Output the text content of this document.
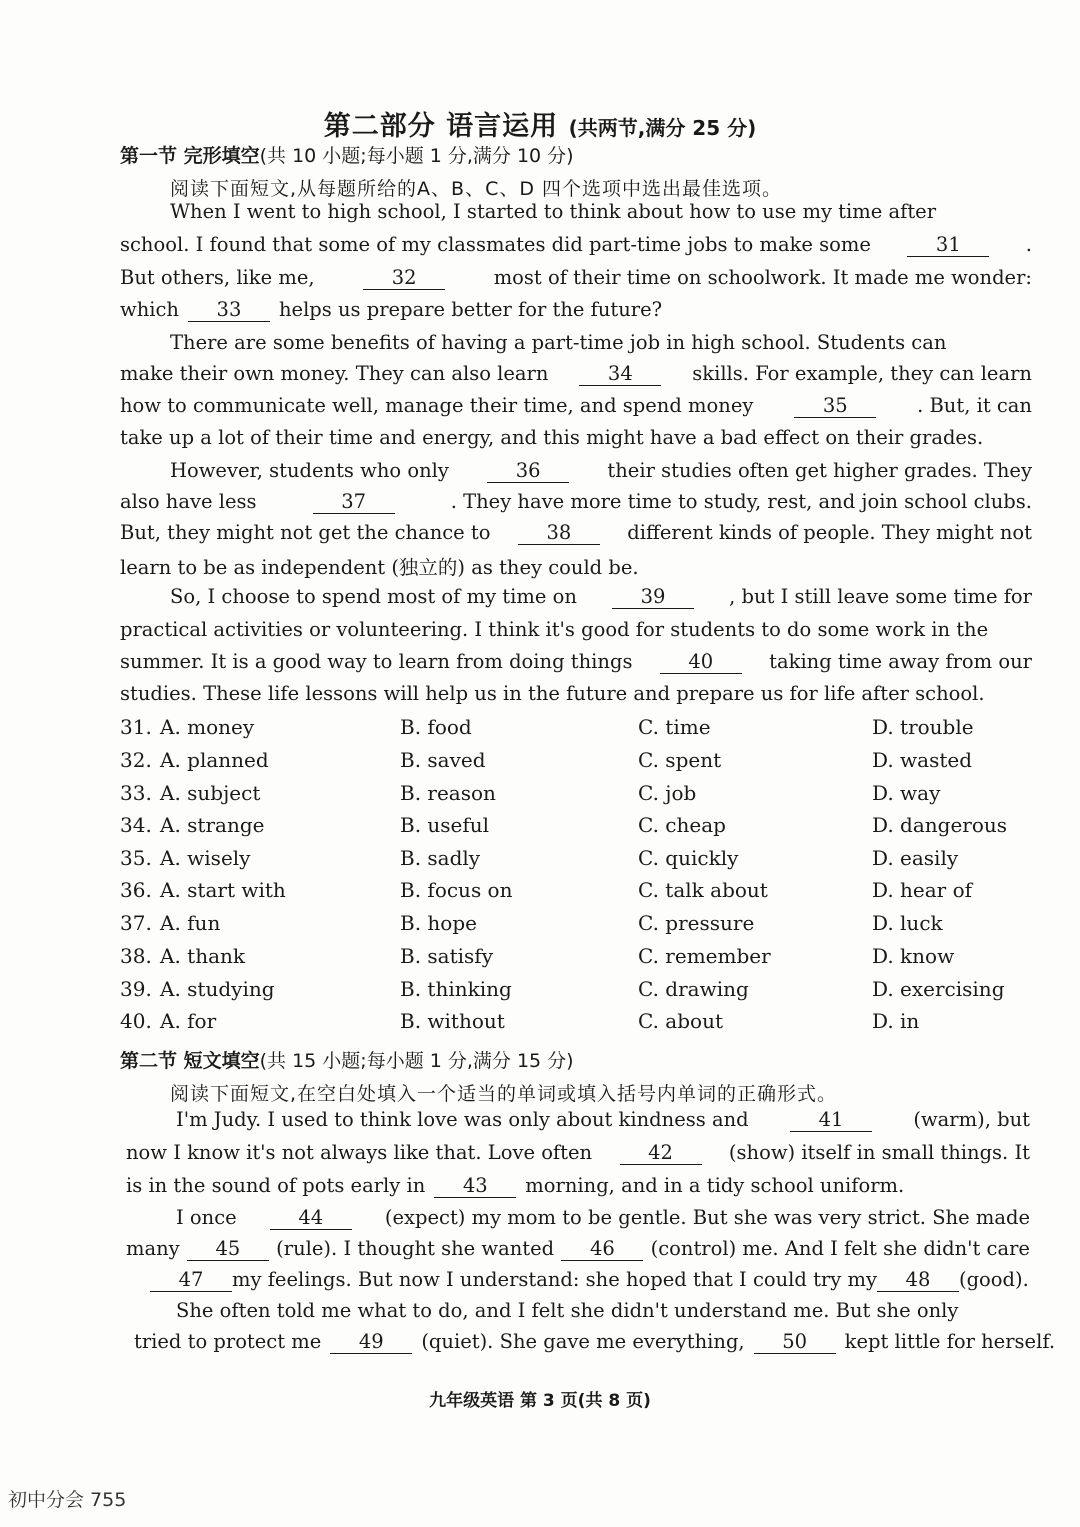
第二部分 语言运用 (共两节,满分 25 分)
第一节 完形填空(共 10 小题;每小题 1 分,满分 10 分)
阅读下面短文,从每题所给的A、B、C、D 四个选项中选出最佳选项。
When I went to high school, I started to think about how to use my time after
school. I found that some of my classmates did part-time jobs to make some	31	.
But others, like me,	32	most of their time on schoolwork. It made me wonder:
which	33	helps us prepare better for the future?
There are some benefits of having a part-time job in high school. Students can
make their own money. They can also learn	34	skills. For example, they can learn
how to communicate well, manage their time, and spend money	35	. But, it can
take up a lot of their time and energy, and this might have a bad effect on their grades.
However, students who only	36	their studies often get higher grades. They
also have less	37	. They have more time to study, rest, and join school clubs.
But, they might not get the chance to	38	different kinds of people. They might not
learn to be as independent (独立的) as they could be.
So, I choose to spend most of my time on	39	, but I still leave some time for
practical activities or volunteering. I think it's good for students to do some work in the
summer. It is a good way to learn from doing things	40	taking time away from our
studies. These life lessons will help us in the future and prepare us for life after school.
31. A. money	B. food	C. time	D. trouble
32. A. planned	B. saved	C. spent	D. wasted
33. A. subject	B. reason	C. job	D. way
34. A. strange	B. useful	C. cheap	D. dangerous
35. A. wisely	B. sadly	C. quickly	D. easily
36. A. start with	B. focus on	C. talk about	D. hear of
37. A. fun	B. hope	C. pressure	D. luck
38. A. thank	B. satisfy	C. remember	D. know
39. A. studying	B. thinking	C. drawing	D. exercising
40. A. for	B. without	C. about	D. in
第二节 短文填空(共 15 小题;每小题 1 分,满分 15 分)
阅读下面短文,在空白处填入一个适当的单词或填入括号内单词的正确形式。
I'm Judy. I used to think love was only about kindness and	41	(warm), but
now I know it's not always like that. Love often	42	(show) itself in small things. It
is in the sound of pots early in	43	morning, and in a tidy school uniform.
I once	44	(expect) my mom to be gentle. But she was very strict. She made
many	45	(rule). I thought she wanted	46	(control) me. And I felt she didn't care
47	my feelings. But now I understand: she hoped that I could try my	48	(good).
She often told me what to do, and I felt she didn't understand me. But she only
tried to protect me	49	(quiet). She gave me everything,	50	kept little for herself.
九年级英语 第 3 页(共 8 页)
初中分会 755
